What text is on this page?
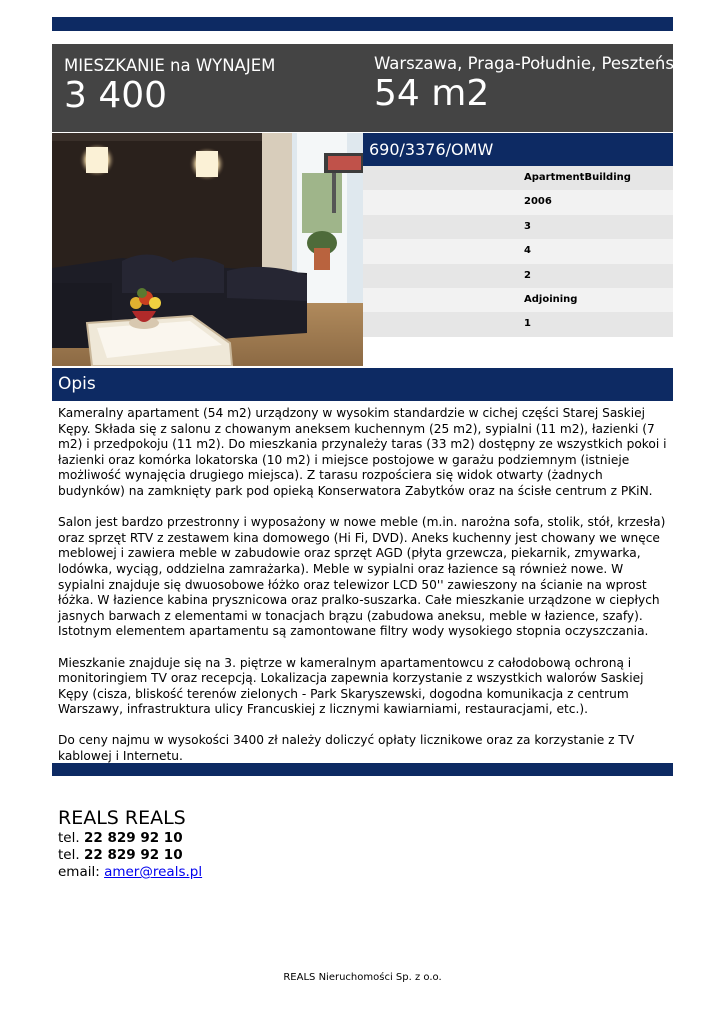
MIESZKANIE na WYNAJEM
3 400
Warszawa, Praga-Południe, Peszteńska
54 m2
690/3376/OMW
ApartmentBuilding
2006
3
4
2
Adjoining
1
Opis

Kameralny apartament (54 m2) urządzony w wysokim standardzie w cichej części Starej Saskiej Kępy. Składa się z salonu z chowanym aneksem kuchennym (25 m2), sypialni (11 m2), łazienki (7 m2) i przedpokoju (11 m2). Do mieszkania przynależy taras (33 m2) dostępny ze wszystkich pokoi i łazienki oraz komórka lokatorska (10 m2) i miejsce postojowe w garażu podziemnym (istnieje możliwość wynajęcia drugiego miejsca). Z tarasu rozpościera się widok otwarty (żadnych budynków) na zamknięty park pod opieką Konserwatora Zabytków oraz na ścisłe centrum z PKiN.

Salon jest bardzo przestronny i wyposażony w nowe meble (m.in. narożna sofa, stolik, stół, krzesła) oraz sprzęt RTV z zestawem kina domowego (Hi Fi, DVD). Aneks kuchenny jest chowany we wnęce meblowej i zawiera meble w zabudowie oraz sprzęt AGD (płyta grzewcza, piekarnik, zmywarka, lodówka, wyciąg, oddzielna zamrażarka). Meble w sypialni oraz łazience są również nowe. W sypialni znajduje się dwuosobowe łóżko oraz telewizor LCD 50'' zawieszony na ścianie na wprost łóżka. W łazience kabina prysznicowa oraz pralko-suszarka. Całe mieszkanie urządzone w ciepłych jasnych barwach z elementami w tonacjach brązu (zabudowa aneksu, meble w łazience, szafy). Istotnym elementem apartamentu są zamontowane filtry wody wysokiego stopnia oczyszczania.

Mieszkanie znajduje się na 3. piętrze w kameralnym apartamentowcu z całodobową ochroną i monitoringiem TV oraz recepcją. Lokalizacja zapewnia korzystanie z wszystkich walorów Saskiej Kępy (cisza, bliskość terenów zielonych - Park Skaryszewski, dogodna komunikacja z centrum Warszawy, infrastruktura ulicy Francuskiej z licznymi kawiarniami, restauracjami, etc.).

Do ceny najmu w wysokości 3400 zł należy doliczyć opłaty licznikowe oraz za korzystanie z TV kablowej i Internetu.

REALS REALS
tel. 22 829 92 10
tel. 22 829 92 10
email: amer@reals.pl
REALS Nieruchomości Sp. z o.o.
